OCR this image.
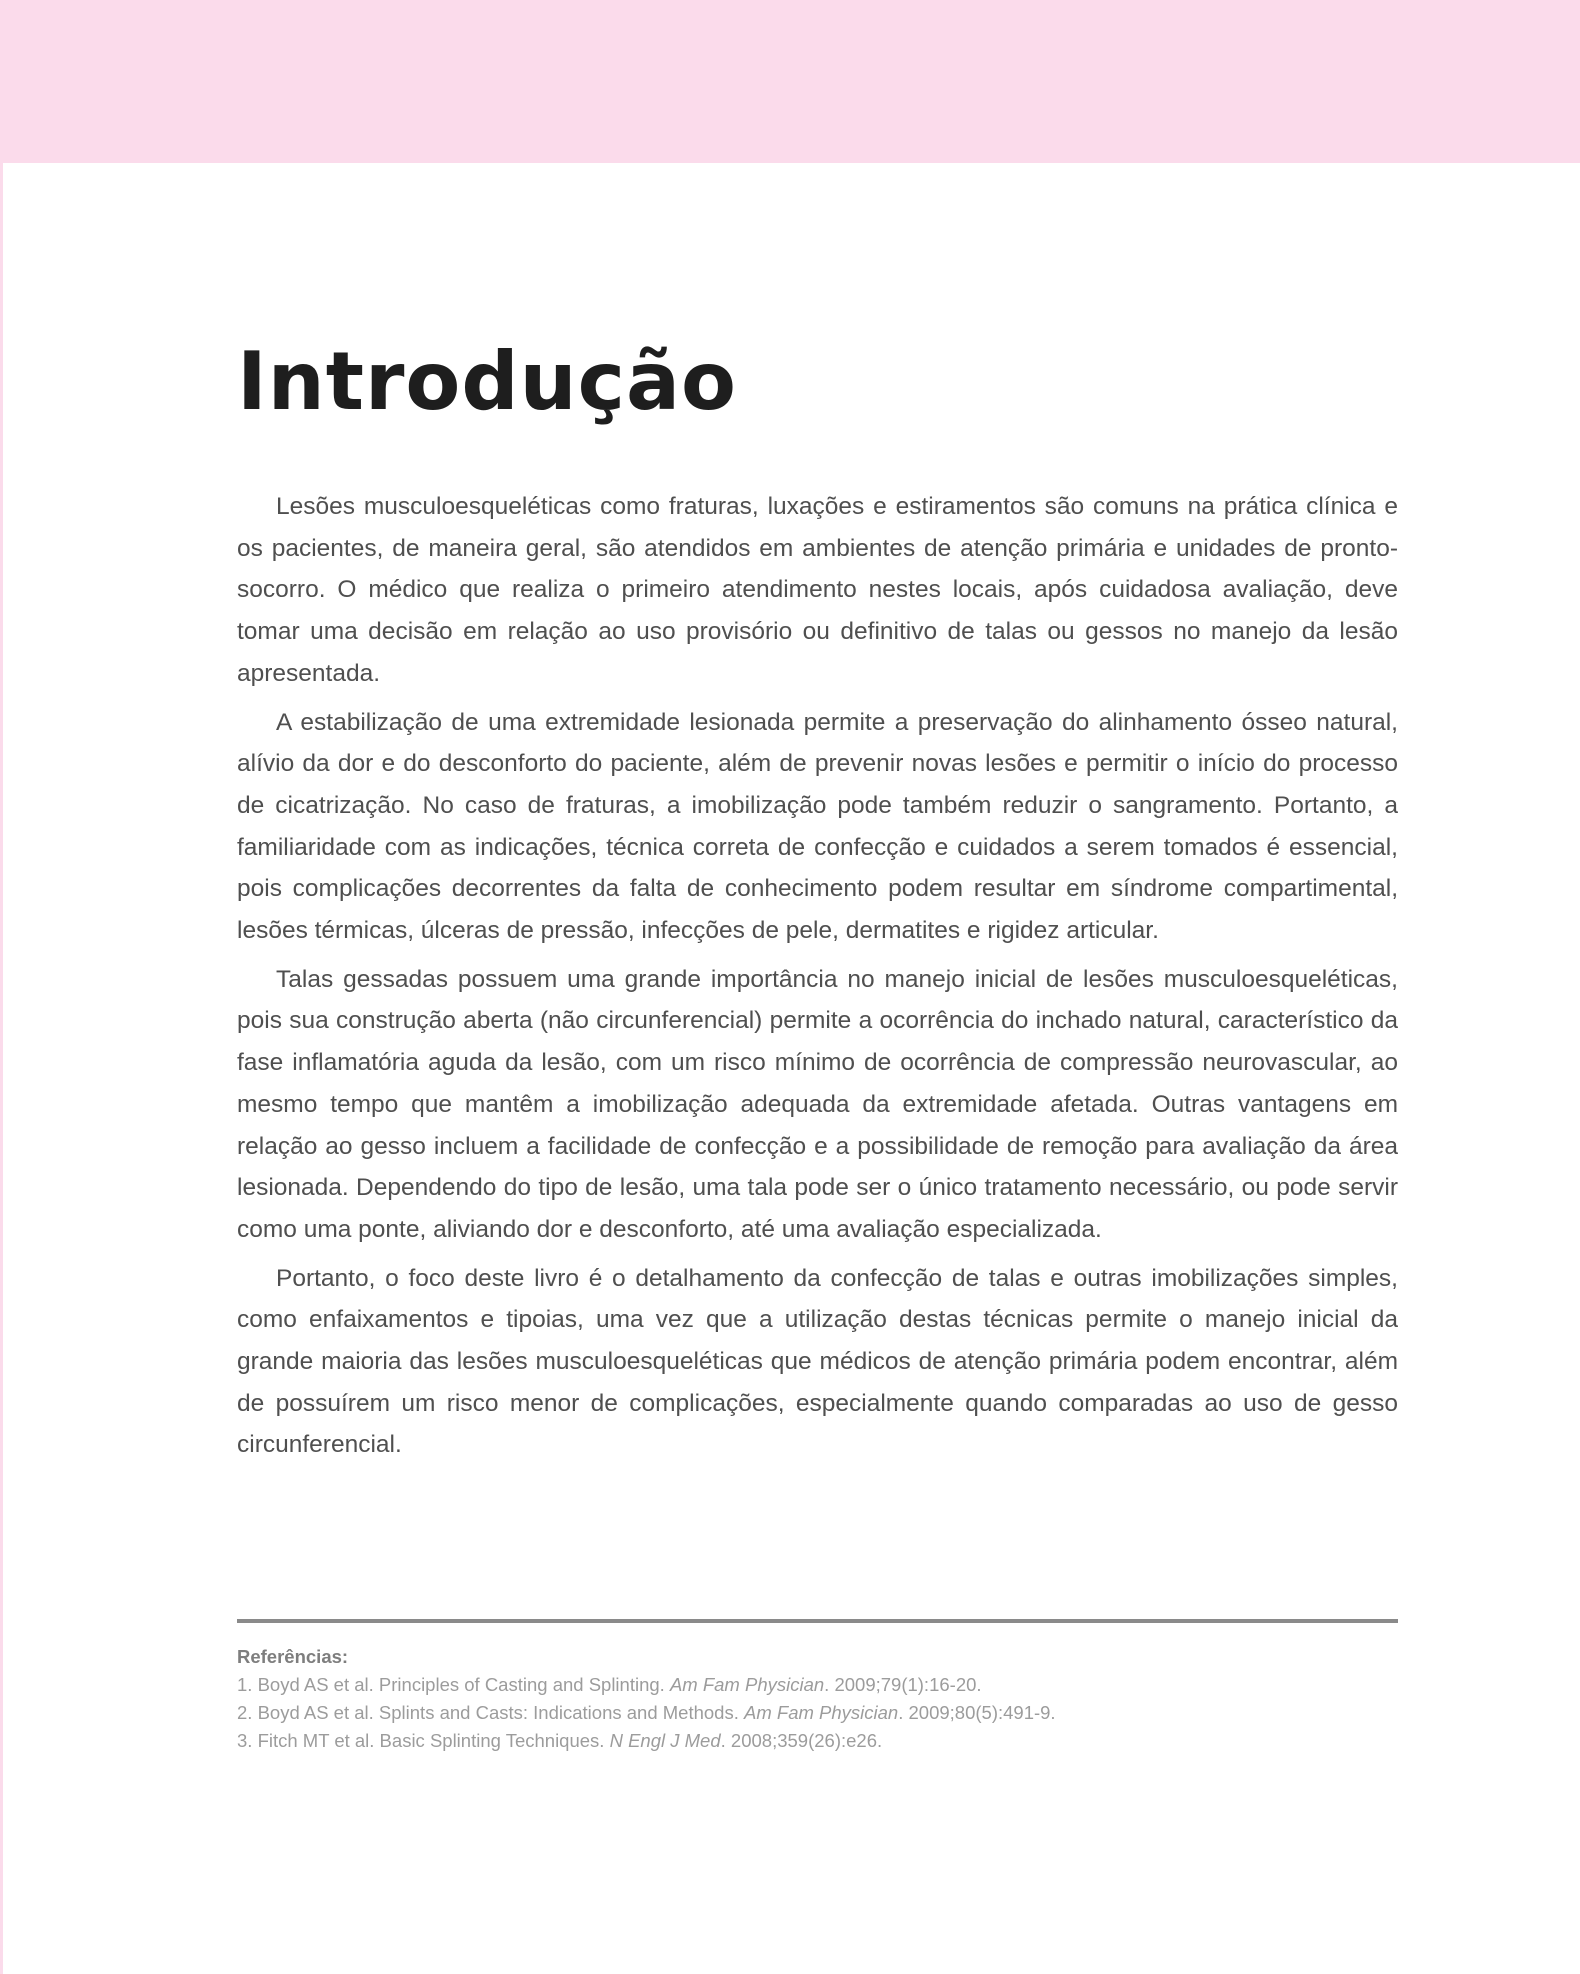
Introdução

Lesões musculoesqueléticas como fraturas, luxações e estiramentos são comuns na prática clínica e os pacientes, de maneira geral, são atendidos em ambientes de atenção primária e unidades de pronto-socorro. O médico que realiza o primeiro atendimento nestes locais, após cuidadosa avaliação, deve tomar uma decisão em relação ao uso provisório ou definitivo de talas ou gessos no manejo da lesão apresentada.

A estabilização de uma extremidade lesionada permite a preservação do alinhamento ósseo natural, alívio da dor e do desconforto do paciente, além de prevenir novas lesões e permitir o início do processo de cicatrização. No caso de fraturas, a imobilização pode também reduzir o sangramento. Portanto, a familiaridade com as indicações, técnica correta de confecção e cuidados a serem tomados é essencial, pois complicações decorrentes da falta de conhecimento podem resultar em síndrome compartimental, lesões térmicas, úlceras de pressão, infecções de pele, dermatites e rigidez articular.

Talas gessadas possuem uma grande importância no manejo inicial de lesões musculoesqueléticas, pois sua construção aberta (não circunferencial) permite a ocorrência do inchado natural, característico da fase inflamatória aguda da lesão, com um risco mínimo de ocorrência de compressão neurovascular, ao mesmo tempo que mantêm a imobilização adequada da extremidade afetada. Outras vantagens em relação ao gesso incluem a facilidade de confecção e a possibilidade de remoção para avaliação da área lesionada. Dependendo do tipo de lesão, uma tala pode ser o único tratamento necessário, ou pode servir como uma ponte, aliviando dor e desconforto, até uma avaliação especializada.

Portanto, o foco deste livro é o detalhamento da confecção de talas e outras imobilizações simples, como enfaixamentos e tipoias, uma vez que a utilização destas técnicas permite o manejo inicial da grande maioria das lesões musculoesqueléticas que médicos de atenção primária podem encontrar, além de possuírem um risco menor de complicações, especialmente quando comparadas ao uso de gesso circunferencial.

Referências:
1. Boyd AS et al. Principles of Casting and Splinting. Am Fam Physician. 2009;79(1):16-20.
2. Boyd AS et al. Splints and Casts: Indications and Methods. Am Fam Physician. 2009;80(5):491-9.
3. Fitch MT et al. Basic Splinting Techniques. N Engl J Med. 2008;359(26):e26.
